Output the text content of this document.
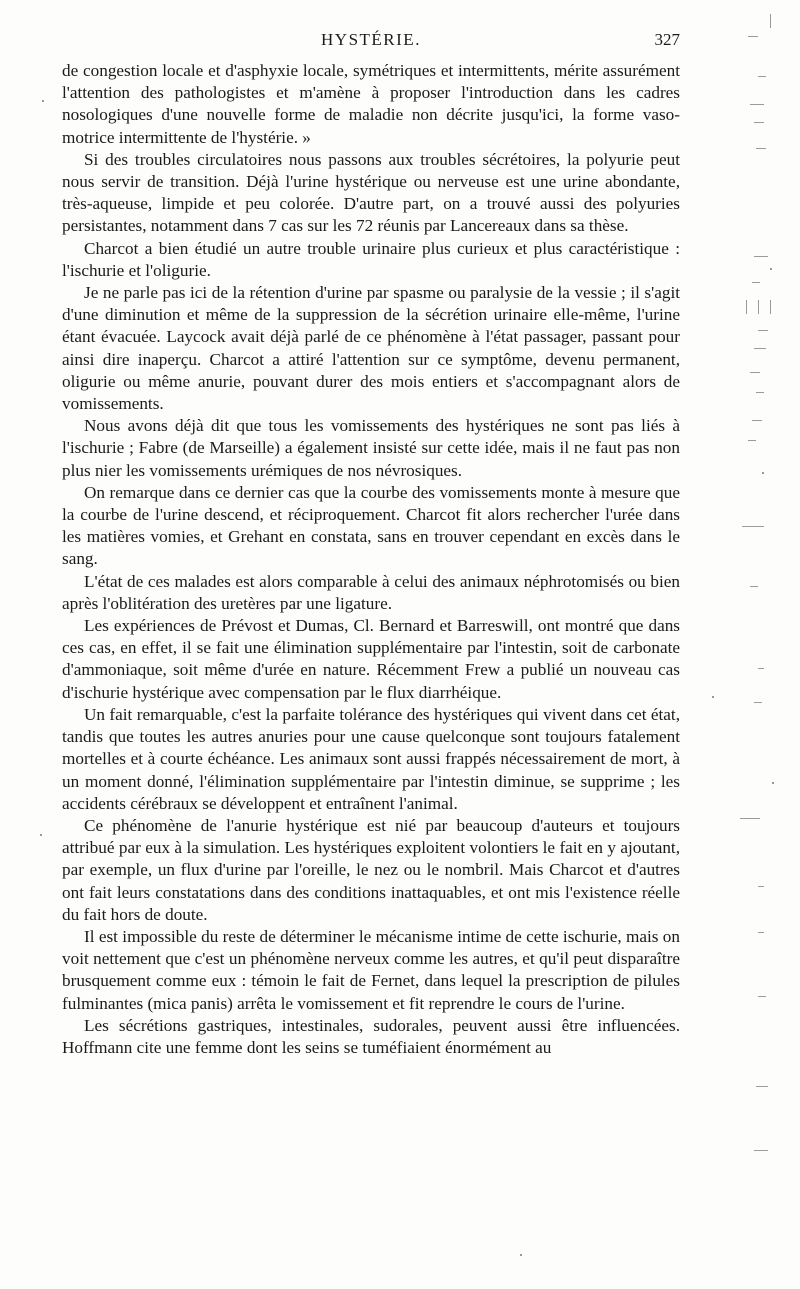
HYSTÉRIE.	327

de congestion locale et d'asphyxie locale, symétriques et intermittents, mérite assurément l'attention des pathologistes et m'amène à proposer l'introduction dans les cadres nosologiques d'une nouvelle forme de maladie non décrite jusqu'ici, la forme vaso-motrice intermittente de l'hystérie. »

Si des troubles circulatoires nous passons aux troubles sécrétoires, la polyurie peut nous servir de transition. Déjà l'urine hystérique ou nerveuse est une urine abondante, très-aqueuse, limpide et peu colorée. D'autre part, on a trouvé aussi des polyuries persistantes, notamment dans 7 cas sur les 72 réunis par Lancereaux dans sa thèse.

Charcot a bien étudié un autre trouble urinaire plus curieux et plus caractéristique : l'ischurie et l'oligurie.

Je ne parle pas ici de la rétention d'urine par spasme ou paralysie de la vessie ; il s'agit d'une diminution et même de la suppression de la sécrétion urinaire elle-même, l'urine étant évacuée. Laycock avait déjà parlé de ce phénomène à l'état passager, passant pour ainsi dire inaperçu. Charcot a attiré l'attention sur ce symptôme, devenu permanent, oligurie ou même anurie, pouvant durer des mois entiers et s'accompagnant alors de vomissements.

Nous avons déjà dit que tous les vomissements des hystériques ne sont pas liés à l'ischurie ; Fabre (de Marseille) a également insisté sur cette idée, mais il ne faut pas non plus nier les vomissements urémiques de nos névrosiques.

On remarque dans ce dernier cas que la courbe des vomissements monte à mesure que la courbe de l'urine descend, et réciproquement. Charcot fit alors rechercher l'urée dans les matières vomies, et Grehant en constata, sans en trouver cependant en excès dans le sang.

L'état de ces malades est alors comparable à celui des animaux néphrotomisés ou bien après l'oblitération des uretères par une ligature.

Les expériences de Prévost et Dumas, Cl. Bernard et Barreswill, ont montré que dans ces cas, en effet, il se fait une élimination supplémentaire par l'intestin, soit de carbonate d'ammoniaque, soit même d'urée en nature. Récemment Frew a publié un nouveau cas d'ischurie hystérique avec compensation par le flux diarrhéique.

Un fait remarquable, c'est la parfaite tolérance des hystériques qui vivent dans cet état, tandis que toutes les autres anuries pour une cause quelconque sont toujours fatalement mortelles et à courte échéance. Les animaux sont aussi frappés nécessairement de mort, à un moment donné, l'élimination supplémentaire par l'intestin diminue, se supprime ; les accidents cérébraux se développent et entraînent l'animal.

Ce phénomène de l'anurie hystérique est nié par beaucoup d'auteurs et toujours attribué par eux à la simulation. Les hystériques exploitent volontiers le fait en y ajoutant, par exemple, un flux d'urine par l'oreille, le nez ou le nombril. Mais Charcot et d'autres ont fait leurs constatations dans des conditions inattaquables, et ont mis l'existence réelle du fait hors de doute.

Il est impossible du reste de déterminer le mécanisme intime de cette ischurie, mais on voit nettement que c'est un phénomène nerveux comme les autres, et qu'il peut disparaître brusquement comme eux : témoin le fait de Fernet, dans lequel la prescription de pilules fulminantes (mica panis) arrêta le vomissement et fit reprendre le cours de l'urine.

Les sécrétions gastriques, intestinales, sudorales, peuvent aussi être influencées. Hoffmann cite une femme dont les seins se tuméfiaient énormément au
